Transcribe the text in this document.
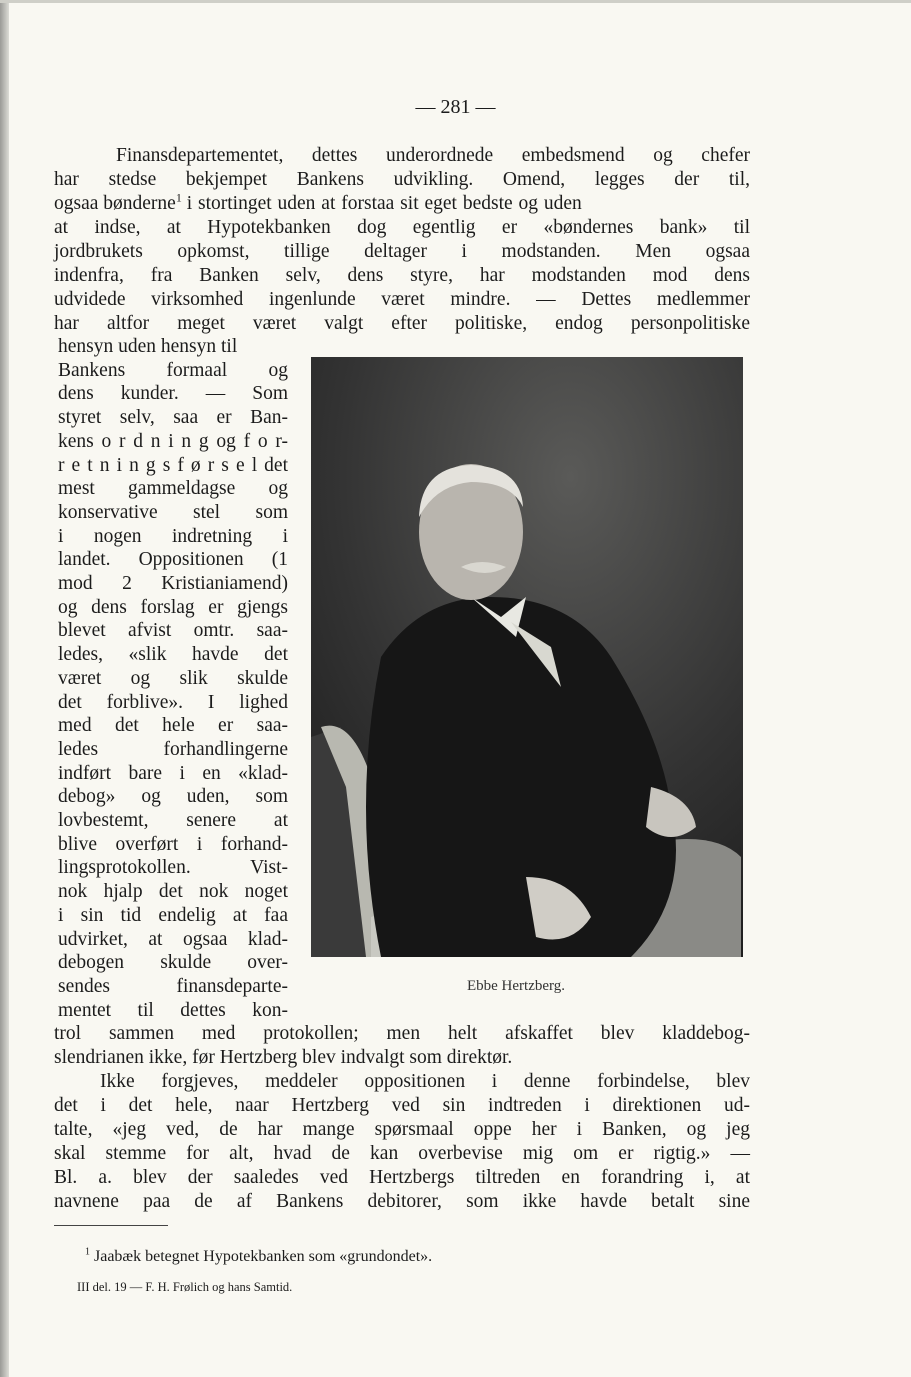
— 281 —
Finansdepartementet, dettes underordnede embedsmend og chefer
har stedse bekjempet Bankens udvikling. Omend, legges der til,
ogsaa bønderne$^1$ i stortinget uden at forstaa sit eget bedste og uden
at indse, at Hypotekbanken dog egentlig er «bøndernes bank» til
jordbrukets opkomst, tillige deltager i modstanden. Men ogsaa
indenfra, fra Banken selv, dens styre, har modstanden mod dens
udvidede virksomhed ingenlunde været mindre. — Dettes medlemmer
har altfor meget været valgt efter politiske, endog personpolitiske
hensyn uden hensyn til
Bankens formaal og
dens kunder. — Som
styret selv, saa er Ban-
kens o r d n i n g og f o r-
r e t n i n g s f ø r s e l det
mest gammeldagse og
konservative stel som
i nogen indretning i
landet. Oppositionen (1
mod 2 Kristianiamend)
og dens forslag er gjengs
blevet afvist omtr. saa-
ledes, «slik havde det
været og slik skulde
det forblive». I lighed
med det hele er saa-
ledes forhandlingerne
indført bare i en «klad-
debog» og uden, som
lovbestemt, senere at
blive overført i forhand-
lingsprotokollen. Vist-
nok hjalp det nok noget
i sin tid endelig at faa
udvirket, at ogsaa klad-
debogen skulde over-
sendes finansdeparte-
mentet til dettes kon-
Ebbe Hertzberg.
trol sammen med protokollen; men helt afskaffet blev kladdebog-
slendrianen ikke, før Hertzberg blev indvalgt som direktør.
Ikke forgjeves, meddeler oppositionen i denne forbindelse, blev
det i det hele, naar Hertzberg ved sin indtreden i direktionen ud-
talte, «jeg ved, de har mange spørsmaal oppe her i Banken, og jeg
skal stemme for alt, hvad de kan overbevise mig om er rigtig.» —
Bl. a. blev der saaledes ved Hertzbergs tiltreden en forandring i, at
navnene paa de af Bankens debitorer, som ikke havde betalt sine
$^1$ Jaabæk betegnet Hypotekbanken som «grundondet».
III del. 19 — F. H. Frølich og hans Samtid.
